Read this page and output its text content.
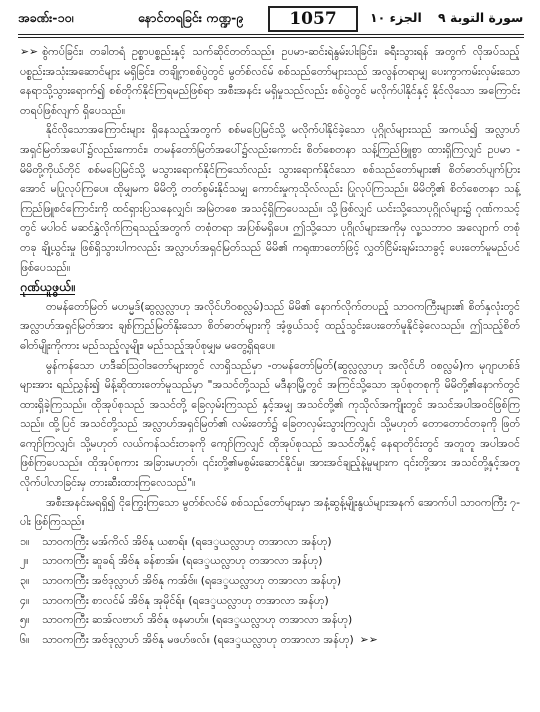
အခဏ်း-၁၀၊	နောင်တရခြင်း ကဏ္ဍ-၉	1057	الجزء ١٠ سورة التوبة ٩

➢➢ စွဲကပ်ခြင်း၊ တခါတရံ ဥစ္စာပစ္စည်းနှင့် သက်ဆိုင်တတ်သည်။ ဥပမာ-ဆင်းရဲနွမ်းပါးခြင်း၊ ခရီးသွားရန် အတွက် လိုအပ်သည့် ပစ္စည်းအသုံးအဆောင်များ မရှိခြင်း၊ တချို့ကစစ်ပွဲတွင် မွတ်စ်လင်မ် စစ်သည်တော်များသည် အလွန်တရာမျှ ပေးကွာကမ်းလှမ်းသော နေရာသို့သွားရောက်၍ စစ်တိုက်နိုင်ကြရမည်ဖြစ်ရာ အစီးအနင်း မရှိမှုသည်လည်း စစ်ပွဲတွင် မလိုက်ပါနိုင်နှင့် နိုင်လိုသော အကြောင်းတရပ်ဖြစ်လျက် ရှိပေသည်။

နိုင်လိုသောအကြောင်းများ ရှိနေသည့်အတွက် စစ်မပြေမြင်သို့ မလိုက်ပါနိုင်ခဲ့သော ပုဂ္ဂိုလ်များသည် အကယ်၍ အလ္လာဟ်အရှင်မြတ်အပေါ်၌လည်းကောင်း၊ တမန်တော်မြတ်အပေါ်၌လည်းကောင်း စိတ်စေတနာ သန့်ကြည်ဖြူစွာ ထားရှိကြလျှင် ဥပမာ - မိမိတို့ကိုယ်တိုင် စစ်မပြေမြင်သို့ မသွားရောက်နိုင်ကြသော်လည်း သွားရောက်နိုင်သော စစ်သည်တော်များ၏ စိတ်ဓာတ်ပျက်ပြားအောင် မပြုလုပ်ကြပေ။ ထိုမျှမက မိမိတို့ တတ်စွမ်းနိုင်သမျှ ကောင်းမှုကုသိုလ်လည်း ပြုလုပ်ကြသည်။ မိမိတို့၏ စိတ်စေတနာ သန့်ကြည်ဖြူစင်ကြောင်းကို ထင်ရှားပြသနေလျှင်၊ အမြဲတစေ အသင့်ရှိကြပေသည်။ သို့ဖြစ်လျှင် ယင်းသို့သောပုဂ္ဂိုလ်များ၌ ဂုဏ်ကသင့်တွင် မပါဝင် မဆင်နွှဲလိုက်ကြရသည့်အတွက် တစုံတရာ အပြစ်မရှိပေ။ ဤသို့သော ပုဂ္ဂိုလ်များအကိုမှ လူ့သဘာဝ အလျောက် တစုံတခု ချို့ယွင်းမှု ဖြစ်ရှိသွားပါကလည်း အလ္လာဟ်အရှင်မြတ်သည် မိမိ၏ ကရုဏာတော်ဖြင့် လွှတ်ငြိမ်းချမ်းသာခွင့် ပေးတော်မူမည်ပင် ဖြစ်ပေသည်။

ဂုဏ်ယူဖွယ်။

တမန်တော်မြတ် မဟမ္မဒ်(ဆွလ္လလ္လာဟု အလိုင်ဟိဝစလ္လမ်)သည် မိမိ၏ နောက်လိုက်တပည့် သာဝကကြီးများ၏ စိတ်နှလုံးတွင် အလ္လာဟ်အရှင်မြတ်အား ချစ်ကြည်မြတ်နိုးသော စိတ်ဓာတ်များကို အံ့ဖွယ်သင့် ထည့်သွင်းပေးတော်မူနိုင်ခဲ့လေသည်။ ဤသည့်စိတ်ဓါတ်မျိုးကိုကား မည်သည့်လူမျိုး၊ မည်သည့်အုပ်စုမျှမ မတွေ့ရှိရပေ။

မွန်ကန်သော ဟဒီဆ်ဩဝါဒတော်များတွင် လာရှိသည်မှာ -တမန်တော်မြတ်(ဆွလ္လလ္လာဟု အလိုင်ဟိ ဝစလ္လမ်)က မုဂျာဟစ်ဒ်များအား ရည်ညွှန်း၍ မိန့်ဆိုထားတော်မူသည်မှာ "အသင်တို့သည် မဒီနာမြို့တွင် အကြင်သို့သော အုပ်စုတစုကို မိမိတို့၏နောက်တွင် ထားရှိခဲ့ကြသည်။ ထိုအုပ်စုသည် အသင်တို့ ခြေလှမ်းကြသည် နှင့်အမျှ အသင်တို့၏ ကုသိုလ်အကျိုးတွင် အသင်အပါအဝင်ဖြစ်ကြသည်။ ထို့ပြင် အသင်တို့သည် အလ္လာဟ်အရှင်မြတ်၏ လမ်းတော်၌ ခြေတလှမ်းသွားကြလျှင်၊ သို့မဟုတ် တောတောင်တခုကို ဖြတ်ကျော်ကြလျှင်၊ သို့မဟုတ် လယ်ကန်သင်းတခုကို ကျော်ကြလျှင် ထိုအုပ်စုသည် အသင်တို့နှင့် နေရာတိုင်းတွင် အတူတူ အပါအဝင် ဖြစ်ကြပေသည်။ ထိုအုပ်စုကား အခြားမဟုတ်၊ ၎င်းတို့၏မစွမ်းဆောင်နိုင်မှု၊ အားအင်ချည့်နဲ့မှုများက ၎င်းတို့အား အသင်တို့နှင့်အတူ လိုက်ပါလာခြင်းမှ တားဆီးထားကြလေသည်"။

အစီးအနင်းမရရှိ၍ ငိုကြွေးကြသော မွတ်စ်လင်မ် စစ်သည်တော်များမှာ အနံ့ဆွန့်မျိုးနွယ်များအနက် အောက်ပါ သာဝကကြီး ၇-ပါး ဖြစ်ကြသည်။

၁။	သာဝကကြီး မအ်ကိလ် အိဗ်နု ယစာရ်။ (ရဒေ္ဒယလ္လာဟု တအာလာ အန်ဟု)
၂။	သာဝကကြီး ဆူခရ် အိဗ်နု ခန်စာအ်။ (ရဒေ္ဒယလ္လာဟု တအာလာ အန်ဟု)
၃။	သာဝကကြီး အဗ်ဒုလ္လာဟ် အိဗ်နု ကအ်ဗ်။ (ရဒေ္ဒယလ္လာဟု တအာလာ အန်ဟု)
၄။	သာဝကကြီး စာလင်မ် အိဗ်နု အုမိုင်ရ်။ (ရဒေ္ဒယလ္လာဟု တအာလာ အန်ဟု)
၅။	သာဝကကြီး ဆအ်လဗာဟ် အိဗ်နု ဖနမာဟ်။ (ရဒေ္ဒယလ္လာဟု တအာလာ အန်ဟု)
၆။	သာဝကကြီး အဗ်ဒုလ္လာဟ် အိဗ်နု မဖဟ်ဖလ်။ (ရဒေ္ဒယလ္လာဟု တအာလာ အန်ဟု) ➢➢
